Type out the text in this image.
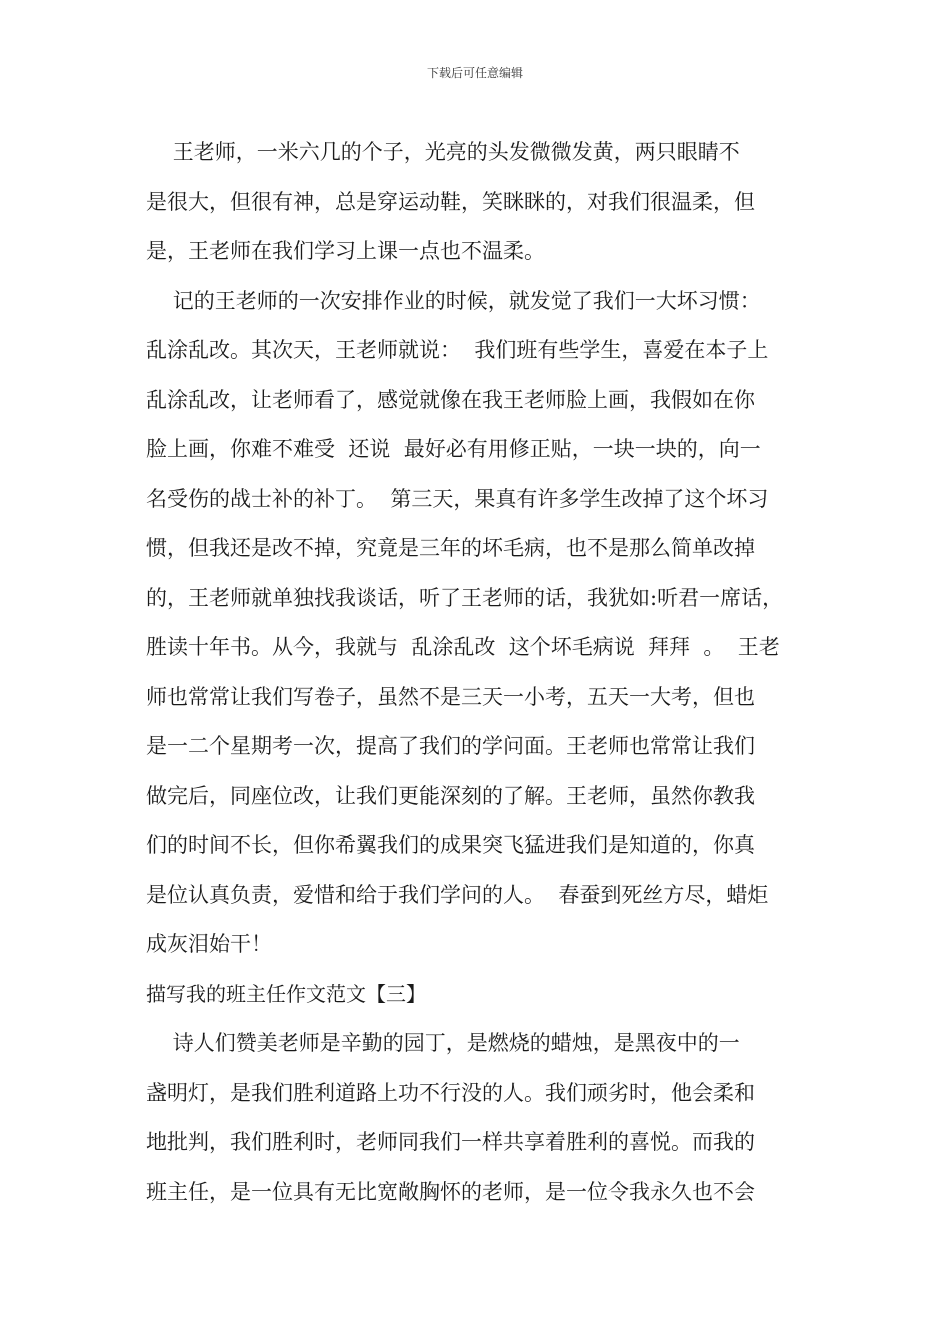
下载后可任意编辑
王老师，一米六几的个子，光亮的头发微微发黄，两只眼睛不
是很大，但很有神，总是穿运动鞋，笑眯眯的，对我们很温柔，但
是，王老师在我们学习上课一点也不温柔。
记的王老师的一次安排作业的时候，就发觉了我们一大坏习惯：
乱涂乱改。其次天，王老师就说：  我们班有些学生，喜爱在本子上
乱涂乱改，让老师看了，感觉就像在我王老师脸上画，我假如在你
脸上画，你难不难受  还说  最好必有用修正贴，一块一块的，向一
名受伤的战士补的补丁。  第三天，果真有许多学生改掉了这个坏习
惯，但我还是改不掉，究竟是三年的坏毛病，也不是那么简单改掉
的，王老师就单独找我谈话，听了王老师的话，我犹如:听君一席话，
胜读十年书。从今，我就与  乱涂乱改  这个坏毛病说  拜拜  。  王老
师也常常让我们写卷子，虽然不是三天一小考，五天一大考，但也
是一二个星期考一次，提高了我们的学问面。王老师也常常让我们
做完后，同座位改，让我们更能深刻的了解。王老师，虽然你教我
们的时间不长，但你希翼我们的成果突飞猛进我们是知道的，你真
是位认真负责，爱惜和给于我们学问的人。  春蚕到死丝方尽，蜡炬
成灰泪始干！
描写我的班主任作文范文【三】
诗人们赞美老师是辛勤的园丁，是燃烧的蜡烛，是黑夜中的一
盏明灯，是我们胜利道路上功不行没的人。我们顽劣时，他会柔和
地批判，我们胜利时，老师同我们一样共享着胜利的喜悦。而我的
班主任，是一位具有无比宽敞胸怀的老师，是一位令我永久也不会
